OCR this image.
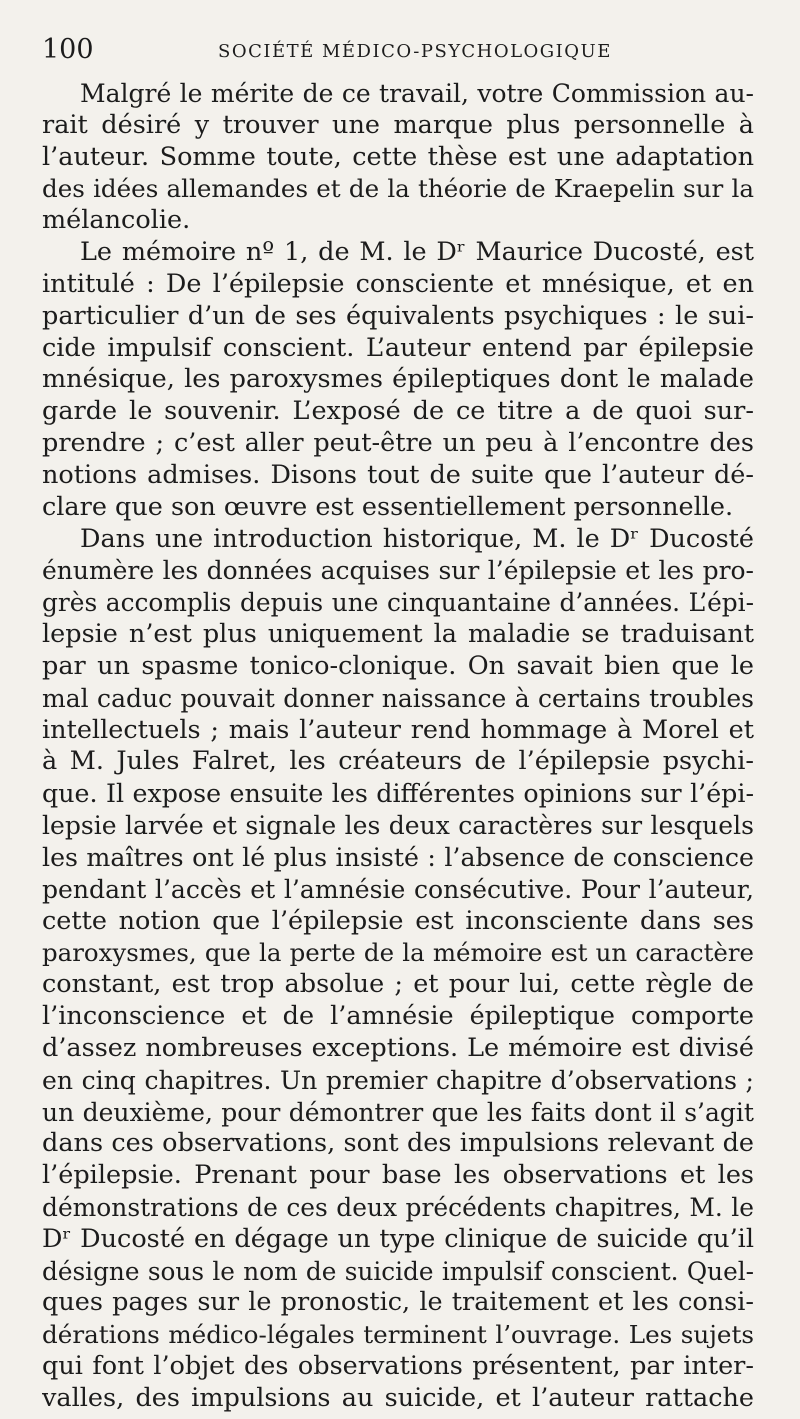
100	SOCIÉTÉ MÉDICO-PSYCHOLOGIQUE
Malgré le mérite de ce travail, votre Commission au-
rait désiré y trouver une marque plus personnelle à
l’auteur. Somme toute, cette thèse est une adaptation
des idées allemandes et de la théorie de Kraepelin sur la
mélancolie.
Le mémoire nº 1, de M. le Dʳ Maurice Ducosté, est
intitulé : De l’épilepsie consciente et mnésique, et en
particulier d’un de ses équivalents psychiques : le sui-
cide impulsif conscient. L’auteur entend par épilepsie
mnésique, les paroxysmes épileptiques dont le malade
garde le souvenir. L’exposé de ce titre a de quoi sur-
prendre ; c’est aller peut-être un peu à l’encontre des
notions admises. Disons tout de suite que l’auteur dé-
clare que son œuvre est essentiellement personnelle.
Dans une introduction historique, M. le Dʳ Ducosté
énumère les données acquises sur l’épilepsie et les pro-
grès accomplis depuis une cinquantaine d’années. L’épi-
lepsie n’est plus uniquement la maladie se traduisant
par un spasme tonico-clonique. On savait bien que le
mal caduc pouvait donner naissance à certains troubles
intellectuels ; mais l’auteur rend hommage à Morel et
à M. Jules Falret, les créateurs de l’épilepsie psychi-
que. Il expose ensuite les différentes opinions sur l’épi-
lepsie larvée et signale les deux caractères sur lesquels
les maîtres ont lé plus insisté : l’absence de conscience
pendant l’accès et l’amnésie consécutive. Pour l’auteur,
cette notion que l’épilepsie est inconsciente dans ses
paroxysmes, que la perte de la mémoire est un caractère
constant, est trop absolue ; et pour lui, cette règle de
l’inconscience et de l’amnésie épileptique comporte
d’assez nombreuses exceptions. Le mémoire est divisé
en cinq chapitres. Un premier chapitre d’observations ;
un deuxième, pour démontrer que les faits dont il s’agit
dans ces observations, sont des impulsions relevant de
l’épilepsie. Prenant pour base les observations et les
démonstrations de ces deux précédents chapitres, M. le
Dʳ Ducosté en dégage un type clinique de suicide qu’il
désigne sous le nom de suicide impulsif conscient. Quel-
ques pages sur le pronostic, le traitement et les consi-
dérations médico-légales terminent l’ouvrage. Les sujets
qui font l’objet des observations présentent, par inter-
valles, des impulsions au suicide, et l’auteur rattache
